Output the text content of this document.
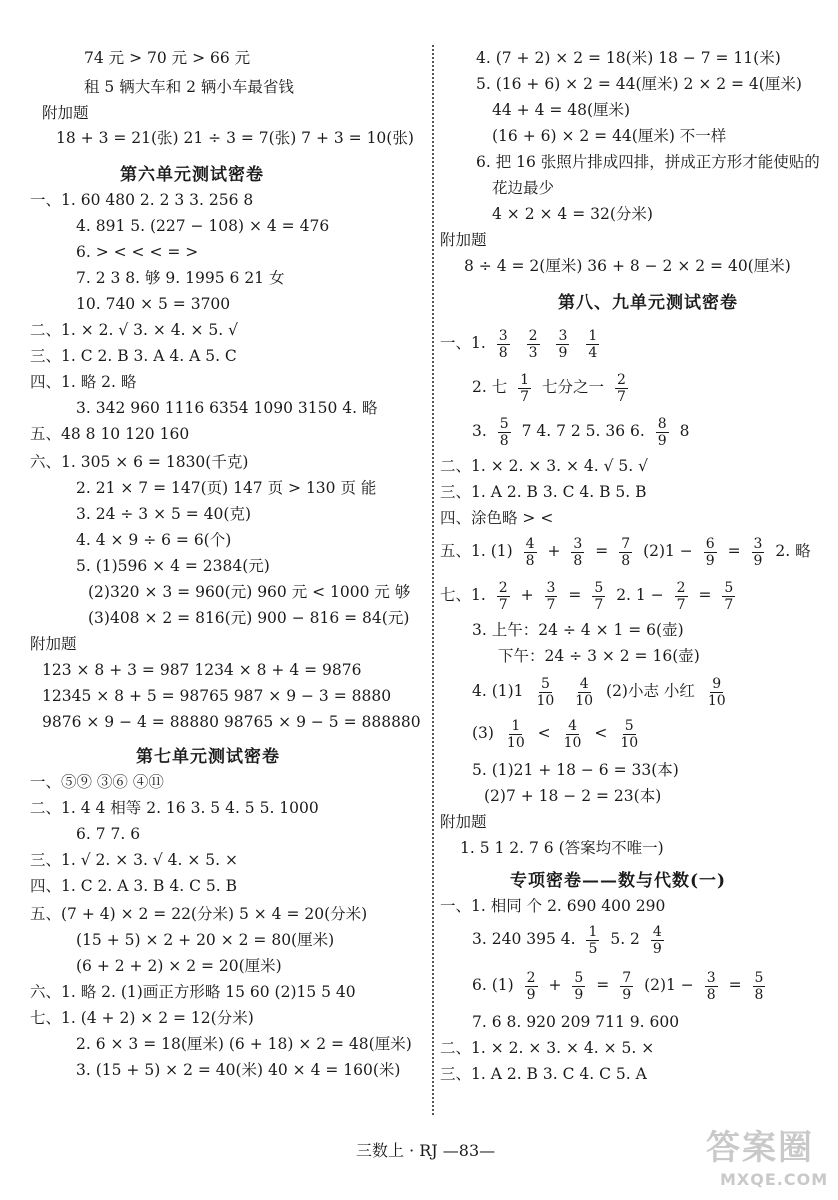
74 元 > 70 元 > 66 元
租 5 辆大车和 2 辆小车最省钱
附加题
18 + 3 = 21(张) 21 ÷ 3 = 7(张) 7 + 3 = 10(张)
第六单元测试密卷
一、1. 60 480 2. 2 3 3. 256 8
4. 891 5. (227 − 108) × 4 = 476
6. > < < < = >
7. 2 3 8. 够 9. 1995 6 21 女
10. 740 × 5 = 3700
二、1. × 2. √ 3. × 4. × 5. √
三、1. C 2. B 3. A 4. A 5. C
四、1. 略 2. 略
3. 342 960 1116 6354 1090 3150 4. 略
五、48 8 10 120 160
六、1. 305 × 6 = 1830(千克)
2. 21 × 7 = 147(页) 147 页 > 130 页 能
3. 24 ÷ 3 × 5 = 40(克)
4. 4 × 9 ÷ 6 = 6(个)
5. (1)596 × 4 = 2384(元)
(2)320 × 3 = 960(元) 960 元 < 1000 元 够
(3)408 × 2 = 816(元) 900 − 816 = 84(元)
附加题
123 × 8 + 3 = 987 1234 × 8 + 4 = 9876
12345 × 8 + 5 = 98765 987 × 9 − 3 = 8880
9876 × 9 − 4 = 88880 98765 × 9 − 5 = 888880
第七单元测试密卷
一、⑤⑨ ③⑥ ④⑪
二、1. 4 4 相等 2. 16 3. 5 4. 5 5. 1000
6. 7 7. 6
三、1. √ 2. × 3. √ 4. × 5. ×
四、1. C 2. A 3. B 4. C 5. B
五、(7 + 4) × 2 = 22(分米) 5 × 4 = 20(分米)
(15 + 5) × 2 + 20 × 2 = 80(厘米)
(6 + 2 + 2) × 2 = 20(厘米)
六、1. 略 2. (1)画正方形略 15 60 (2)15 5 40
七、1. (4 + 2) × 2 = 12(分米)
2. 6 × 3 = 18(厘米) (6 + 18) × 2 = 48(厘米)
3. (15 + 5) × 2 = 40(米) 40 × 4 = 160(米)
4. (7 + 2) × 2 = 18(米) 18 − 7 = 11(米)
5. (16 + 6) × 2 = 44(厘米) 2 × 2 = 4(厘米)
44 + 4 = 48(厘米)
(16 + 6) × 2 = 44(厘米) 不一样
6. 把 16 张照片排成四排，拼成正方形才能使贴的
花边最少
4 × 2 × 4 = 32(分米)
附加题
8 ÷ 4 = 2(厘米) 36 + 8 − 2 × 2 = 40(厘米)
第八、九单元测试密卷
一、1. $\frac{3}{8}$
$\frac{2}{3}$
$\frac{3}{9}$
$\frac{1}{4}$
2. 七 $\frac{1}{7}$ 七分之一 $\frac{2}{7}$
3. $\frac{5}{8} 7$ 4. 7 2 5. 36 6. $\frac{8}{9} 8$
二、1. × 2. × 3. × 4. √ 5. √
三、1. A 2. B 3. C 4. B 5. B
四、涂色略 > <
五、1. $(1) \frac{4}{8} + \frac{3}{8} = \frac{7}{8} (2)1 - \frac{6}{9} = \frac{3}{9} 2$. 略
七、1. $\frac{2}{7} + \frac{3}{7} = \frac{5}{7} 2$. $1 - \frac{2}{7} = \frac{5}{7}$
3. 上午：24 ÷ 4 × 1 = 6(壶)
下午：24 ÷ 3 × 2 = 16(壶)
4. $(1)1 \frac{5}{10}$
$\frac{4}{10} (2)$小志 小红 $\frac{9}{10}$
$(3) \frac{1}{10} < \frac{4}{10} < \frac{5}{10}$
5. (1)21 + 18 − 6 = 33(本)
(2)7 + 18 − 2 = 23(本)
附加题
1. 5 1 2. 7 6 (答案均不唯一)
专项密卷——数与代数(一)
一、1. 相同 个 2. 690 400 290
3. 240 395 4. $\frac{1}{5} 5$. $2 \frac{4}{9}$
6. $(1) \frac{2}{9} + \frac{5}{9} = \frac{7}{9} (2)1 - \frac{3}{8} = \frac{5}{8}$
7. 6 8. 920 209 711 9. 600
二、1. × 2. × 3. × 4. × 5. ×
三、1. A 2. B 3. C 4. C 5. A
三数上 · RJ —83—	答案圈
MXQE.COM
